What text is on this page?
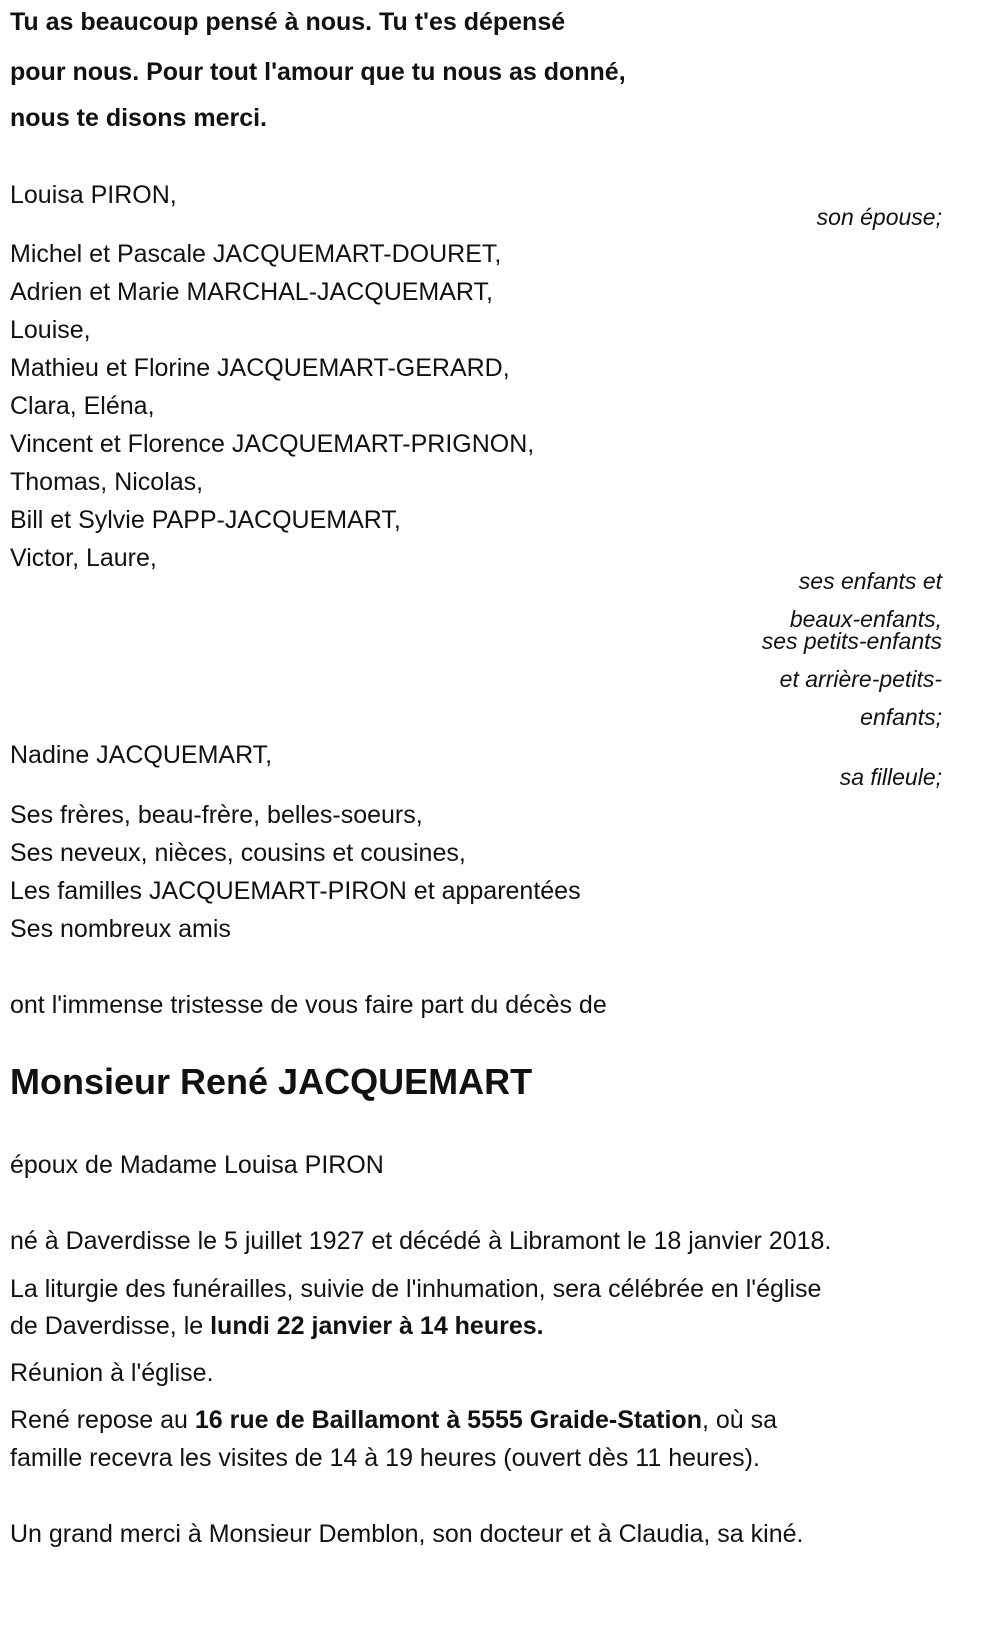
Tu as beaucoup pensé à nous. Tu t'es dépensé
pour nous. Pour tout l'amour que tu nous as donné,
nous te disons merci.
Louisa PIRON,
son épouse;
Michel et Pascale JACQUEMART-DOURET,
Adrien et Marie MARCHAL-JACQUEMART,
Louise,
Mathieu et Florine JACQUEMART-GERARD,
Clara, Eléna,
Vincent et Florence JACQUEMART-PRIGNON,
Thomas, Nicolas,
Bill et Sylvie PAPP-JACQUEMART,
Victor, Laure,
ses enfants et
beaux-enfants,
ses petits-enfants
et arrière-petits-
enfants;
Nadine JACQUEMART,
sa filleule;
Ses frères, beau-frère, belles-soeurs,
Ses neveux, nièces, cousins et cousines,
Les familles JACQUEMART-PIRON et apparentées
Ses nombreux amis
ont l'immense tristesse de vous faire part du décès de
Monsieur René JACQUEMART
époux de Madame Louisa PIRON
né à Daverdisse le 5 juillet 1927 et décédé à Libramont le 18 janvier 2018.
La liturgie des funérailles, suivie de l'inhumation, sera célébrée en l'église
de Daverdisse, le lundi 22 janvier à 14 heures.
Réunion à l'église.
René repose au 16 rue de Baillamont à 5555 Graide-Station, où sa
famille recevra les visites de 14 à 19 heures (ouvert dès 11 heures).
Un grand merci à Monsieur Demblon, son docteur et à Claudia, sa kiné.
